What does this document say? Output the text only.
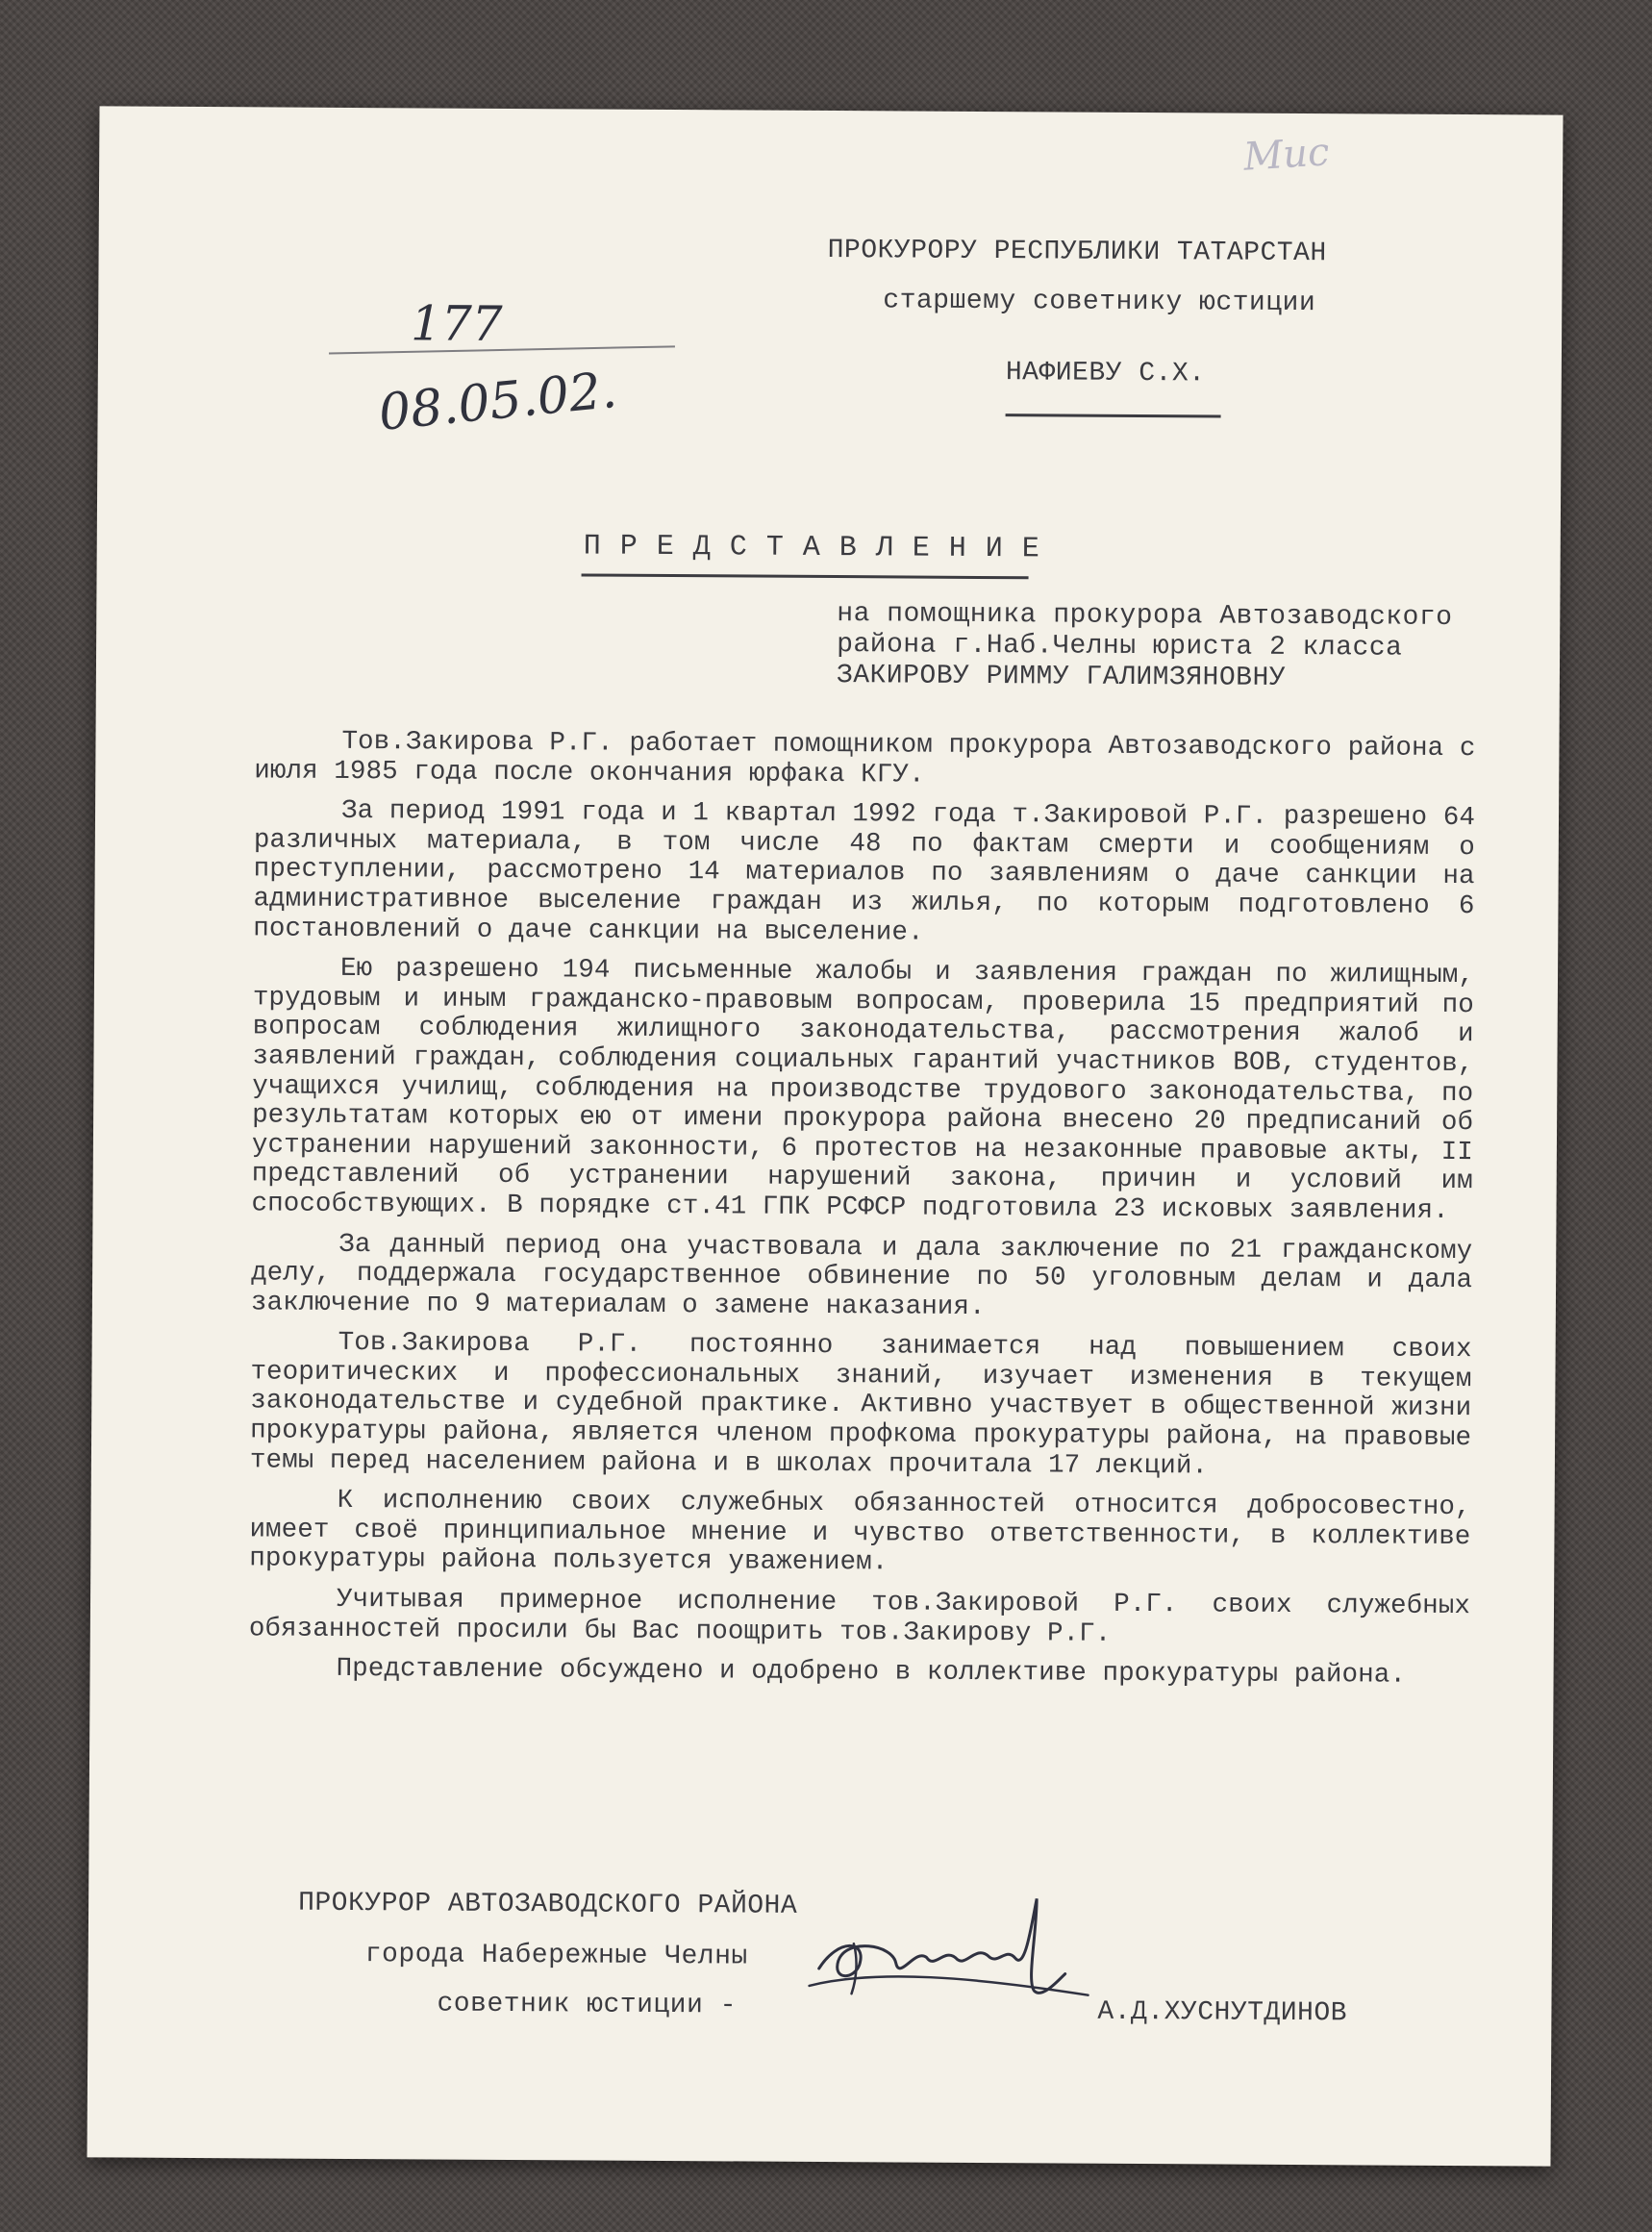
Мис
ПРОКУРОРУ РЕСПУБЛИКИ ТАТАРСТАН
старшему советнику юстиции
НАФИЕВУ С.Х.
177
08.05.02.
П Р Е Д С Т А В Л Е Н И Е
на помощника прокурора Автозаводского
района г.Наб.Челны юриста 2 класса
ЗАКИРОВУ РИММУ ГАЛИМЗЯНОВНУ

Тов.Закирова Р.Г. работает помощником прокурора Автозаводского района с июля 1985 года после окончания юрфака КГУ.

За период 1991 года и 1 квартал 1992 года т.Закировой Р.Г. разрешено 64 различных материала, в том числе 48 по фактам смерти и сообщениям о преступлении, рассмотрено 14 материалов по заявлениям о даче санкции на административное выселение граждан из жилья, по которым подготовлено 6 постановлений о даче санкции на выселение.

Ею разрешено 194 письменные жалобы и заявления граждан по жилищным, трудовым и иным гражданско-правовым вопросам, проверила 15 предприятий по вопросам соблюдения жилищного законодательства, рассмотрения жалоб и заявлений граждан, соблюдения социальных гарантий участников ВОВ, студентов, учащихся училищ, соблюдения на производстве трудового законодательства, по результатам которых ею от имени прокурора района внесено 20 предписаний об устранении нарушений законности, 6 протестов на незаконные правовые акты, II представлений об устранении нарушений закона, причин и условий им способствующих. В порядке ст.41 ГПК РСФСР подготовила 23 исковых заявления.

За данный период она участвовала и дала заключение по 21 гражданскому делу, поддержала государственное обвинение по 50 уголовным делам и дала заключение по 9 материалам о замене наказания.

Тов.Закирова Р.Г. постоянно занимается над повышением своих теоритических и профессиональных знаний, изучает изменения в текущем законодательстве и судебной практике. Активно участвует в общественной жизни прокуратуры района, является членом профкома прокуратуры района, на правовые темы перед населением района и в школах прочитала 17 лекций.

К исполнению своих служебных обязанностей относится добросовестно, имеет своё принципиальное мнение и чувство ответственности, в коллективе прокуратуры района пользуется уважением.

Учитывая примерное исполнение тов.Закировой Р.Г. своих служебных обязанностей просили бы Вас поощрить тов.Закирову Р.Г.

Представление обсуждено и одобрено в коллективе прокуратуры района.

ПРОКУРОР АВТОЗАВОДСКОГО РАЙОНА
города Набережные Челны
советник юстиции -	А.Д.ХУСНУТДИНОВ
